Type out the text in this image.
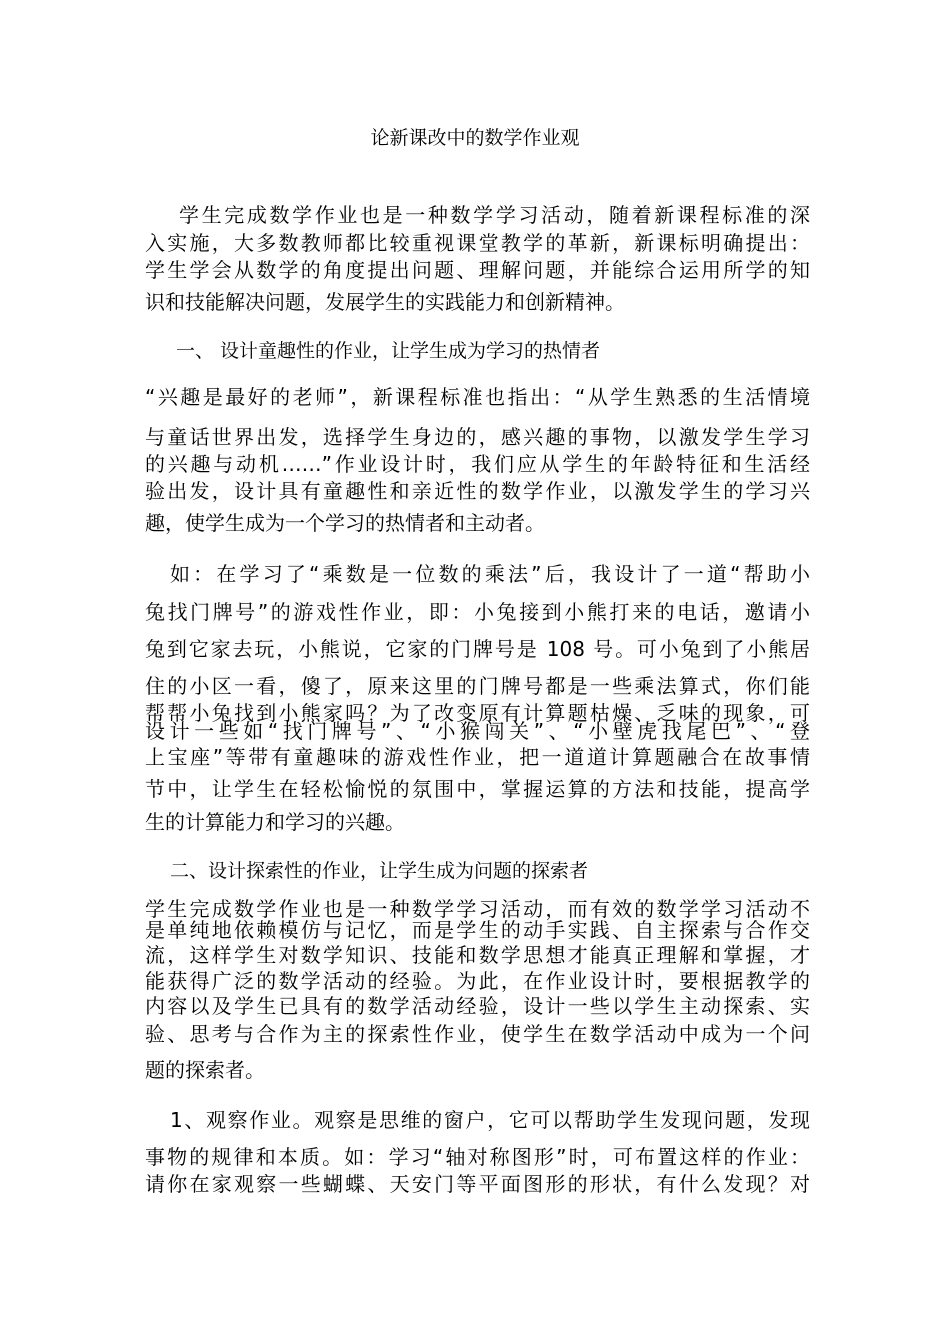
论新课改中的数学作业观
学生完成数学作业也是一种数学学习活动，随着新课程标准的深
入实施，大多数教师都比较重视课堂教学的革新，新课标明确提出：
学生学会从数学的角度提出问题、理解问题，并能综合运用所学的知
识和技能解决问题，发展学生的实践能力和创新精神。
一、 设计童趣性的作业，让学生成为学习的热情者
“兴趣是最好的老师”，新课程标准也指出：“从学生熟悉的生活情境
与童话世界出发，选择学生身边的，感兴趣的事物，以激发学生学习
的兴趣与动机……”作业设计时，我们应从学生的年龄特征和生活经
验出发，设计具有童趣性和亲近性的数学作业，以激发学生的学习兴
趣，使学生成为一个学习的热情者和主动者。
如：在学习了“乘数是一位数的乘法”后，我设计了一道“帮助小
兔找门牌号”的游戏性作业，即：小兔接到小熊打来的电话，邀请小
兔到它家去玩，小熊说，它家的门牌号是 108 号。可小兔到了小熊居
住的小区一看，傻了，原来这里的门牌号都是一些乘法算式，你们能
帮帮小兔找到小熊家吗？为了改变原有计算题枯燥、乏味的现象，可
设计一些如“找门牌号”、“小猴闯关”、“小壁虎找尾巴”、“登
上宝座”等带有童趣味的游戏性作业，把一道道计算题融合在故事情
节中，让学生在轻松愉悦的氛围中，掌握运算的方法和技能，提高学
生的计算能力和学习的兴趣。
二、设计探索性的作业，让学生成为问题的探索者
学生完成数学作业也是一种数学学习活动，而有效的数学学习活动不
是单纯地依赖模仿与记忆，而是学生的动手实践、自主探索与合作交
流，这样学生对数学知识、技能和数学思想才能真正理解和掌握，才
能获得广泛的数学活动的经验。为此，在作业设计时，要根据教学的
内容以及学生已具有的数学活动经验，设计一些以学生主动探索、实
验、思考与合作为主的探索性作业，使学生在数学活动中成为一个问
题的探索者。
1、观察作业。观察是思维的窗户，它可以帮助学生发现问题，发现
事物的规律和本质。如：学习“轴对称图形”时，可布置这样的作业：
请你在家观察一些蝴蝶、天安门等平面图形的形状，有什么发现？对
